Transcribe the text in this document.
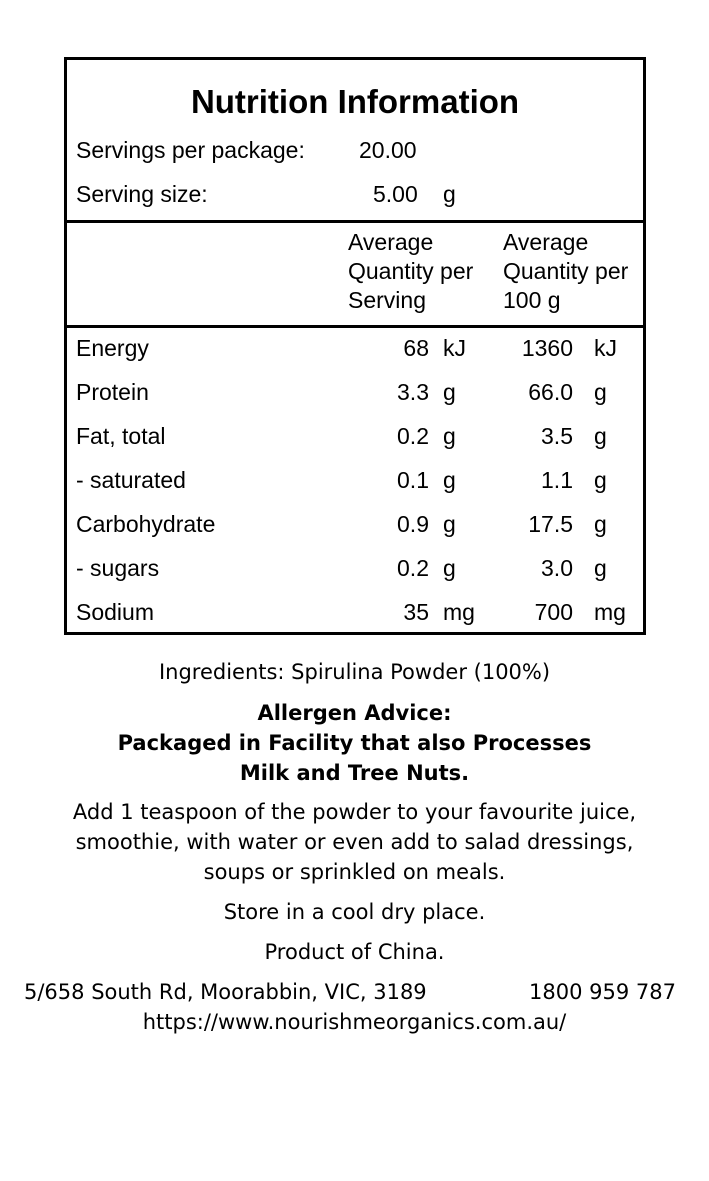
Nutrition Information
Servings per package: 20.00
Serving size:	5.00 g
Average
Quantity per
Serving
Average
Quantity per
100 g
Energy	68 kJ 1360 kJ
Protein	3.3 g	66.0 g
Fat, total	0.2 g	3.5 g
- saturated	0.1 g	1.1 g
Carbohydrate	0.9 g	17.5 g
- sugars	0.2 g	3.0 g
Sodium	35 mg	700 mg
Ingredients: Spirulina Powder (100%)
Allergen Advice:
Packaged in Facility that also Processes
Milk and Tree Nuts.
Add 1 teaspoon of the powder to your favourite juice,
smoothie, with water or even add to salad dressings,
soups or sprinkled on meals.
Store in a cool dry place.
Product of China.
5/658 South Rd, Moorabbin, VIC, 3189	1800 959 787
https://www.nourishmeorganics.com.au/
